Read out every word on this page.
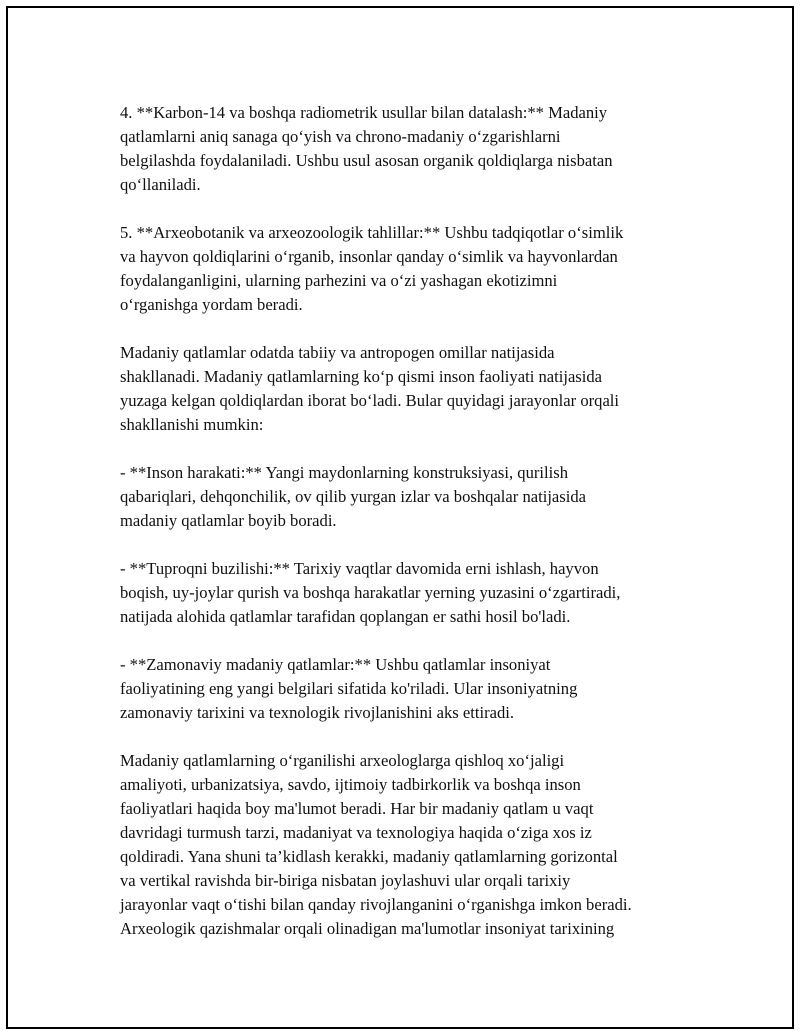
4. **Karbon-14 va boshqa radiometrik usullar bilan datalash:** Madaniy
qatlamlarni aniq sanaga qo‘yish va chrono-madaniy o‘zgarishlarni
belgilashda foydalaniladi. Ushbu usul asosan organik qoldiqlarga nisbatan
qo‘llaniladi.

5. **Arxeobotanik va arxeozoologik tahlillar:** Ushbu tadqiqotlar o‘simlik
va hayvon qoldiqlarini o‘rganib, insonlar qanday o‘simlik va hayvonlardan
foydalanganligini, ularning parhezini va o‘zi yashagan ekotizimni
o‘rganishga yordam beradi.

Madaniy qatlamlar odatda tabiiy va antropogen omillar natijasida
shakllanadi. Madaniy qatlamlarning ko‘p qismi inson faoliyati natijasida
yuzaga kelgan qoldiqlardan iborat bo‘ladi. Bular quyidagi jarayonlar orqali
shakllanishi mumkin:

- **Inson harakati:** Yangi maydonlarning konstruksiyasi, qurilish
qabariqlari, dehqonchilik, ov qilib yurgan izlar va boshqalar natijasida
madaniy qatlamlar boyib boradi.

- **Tuproqni buzilishi:** Tarixiy vaqtlar davomida erni ishlash, hayvon
boqish, uy-joylar qurish va boshqa harakatlar yerning yuzasini o‘zgartiradi,
natijada alohida qatlamlar tarafidan qoplangan er sathi hosil bo'ladi.

- **Zamonaviy madaniy qatlamlar:** Ushbu qatlamlar insoniyat
faoliyatining eng yangi belgilari sifatida ko'riladi. Ular insoniyatning
zamonaviy tarixini va texnologik rivojlanishini aks ettiradi.

Madaniy qatlamlarning o‘rganilishi arxeologlarga qishloq xo‘jaligi
amaliyoti, urbanizatsiya, savdo, ijtimoiy tadbirkorlik va boshqa inson
faoliyatlari haqida boy ma'lumot beradi. Har bir madaniy qatlam u vaqt
davridagi turmush tarzi, madaniyat va texnologiya haqida o‘ziga xos iz
qoldiradi. Yana shuni ta’kidlash kerakki, madaniy qatlamlarning gorizontal
va vertikal ravishda bir-biriga nisbatan joylashuvi ular orqali tarixiy
jarayonlar vaqt o‘tishi bilan qanday rivojlanganini o‘rganishga imkon beradi.
Arxeologik qazishmalar orqali olinadigan ma'lumotlar insoniyat tarixining
